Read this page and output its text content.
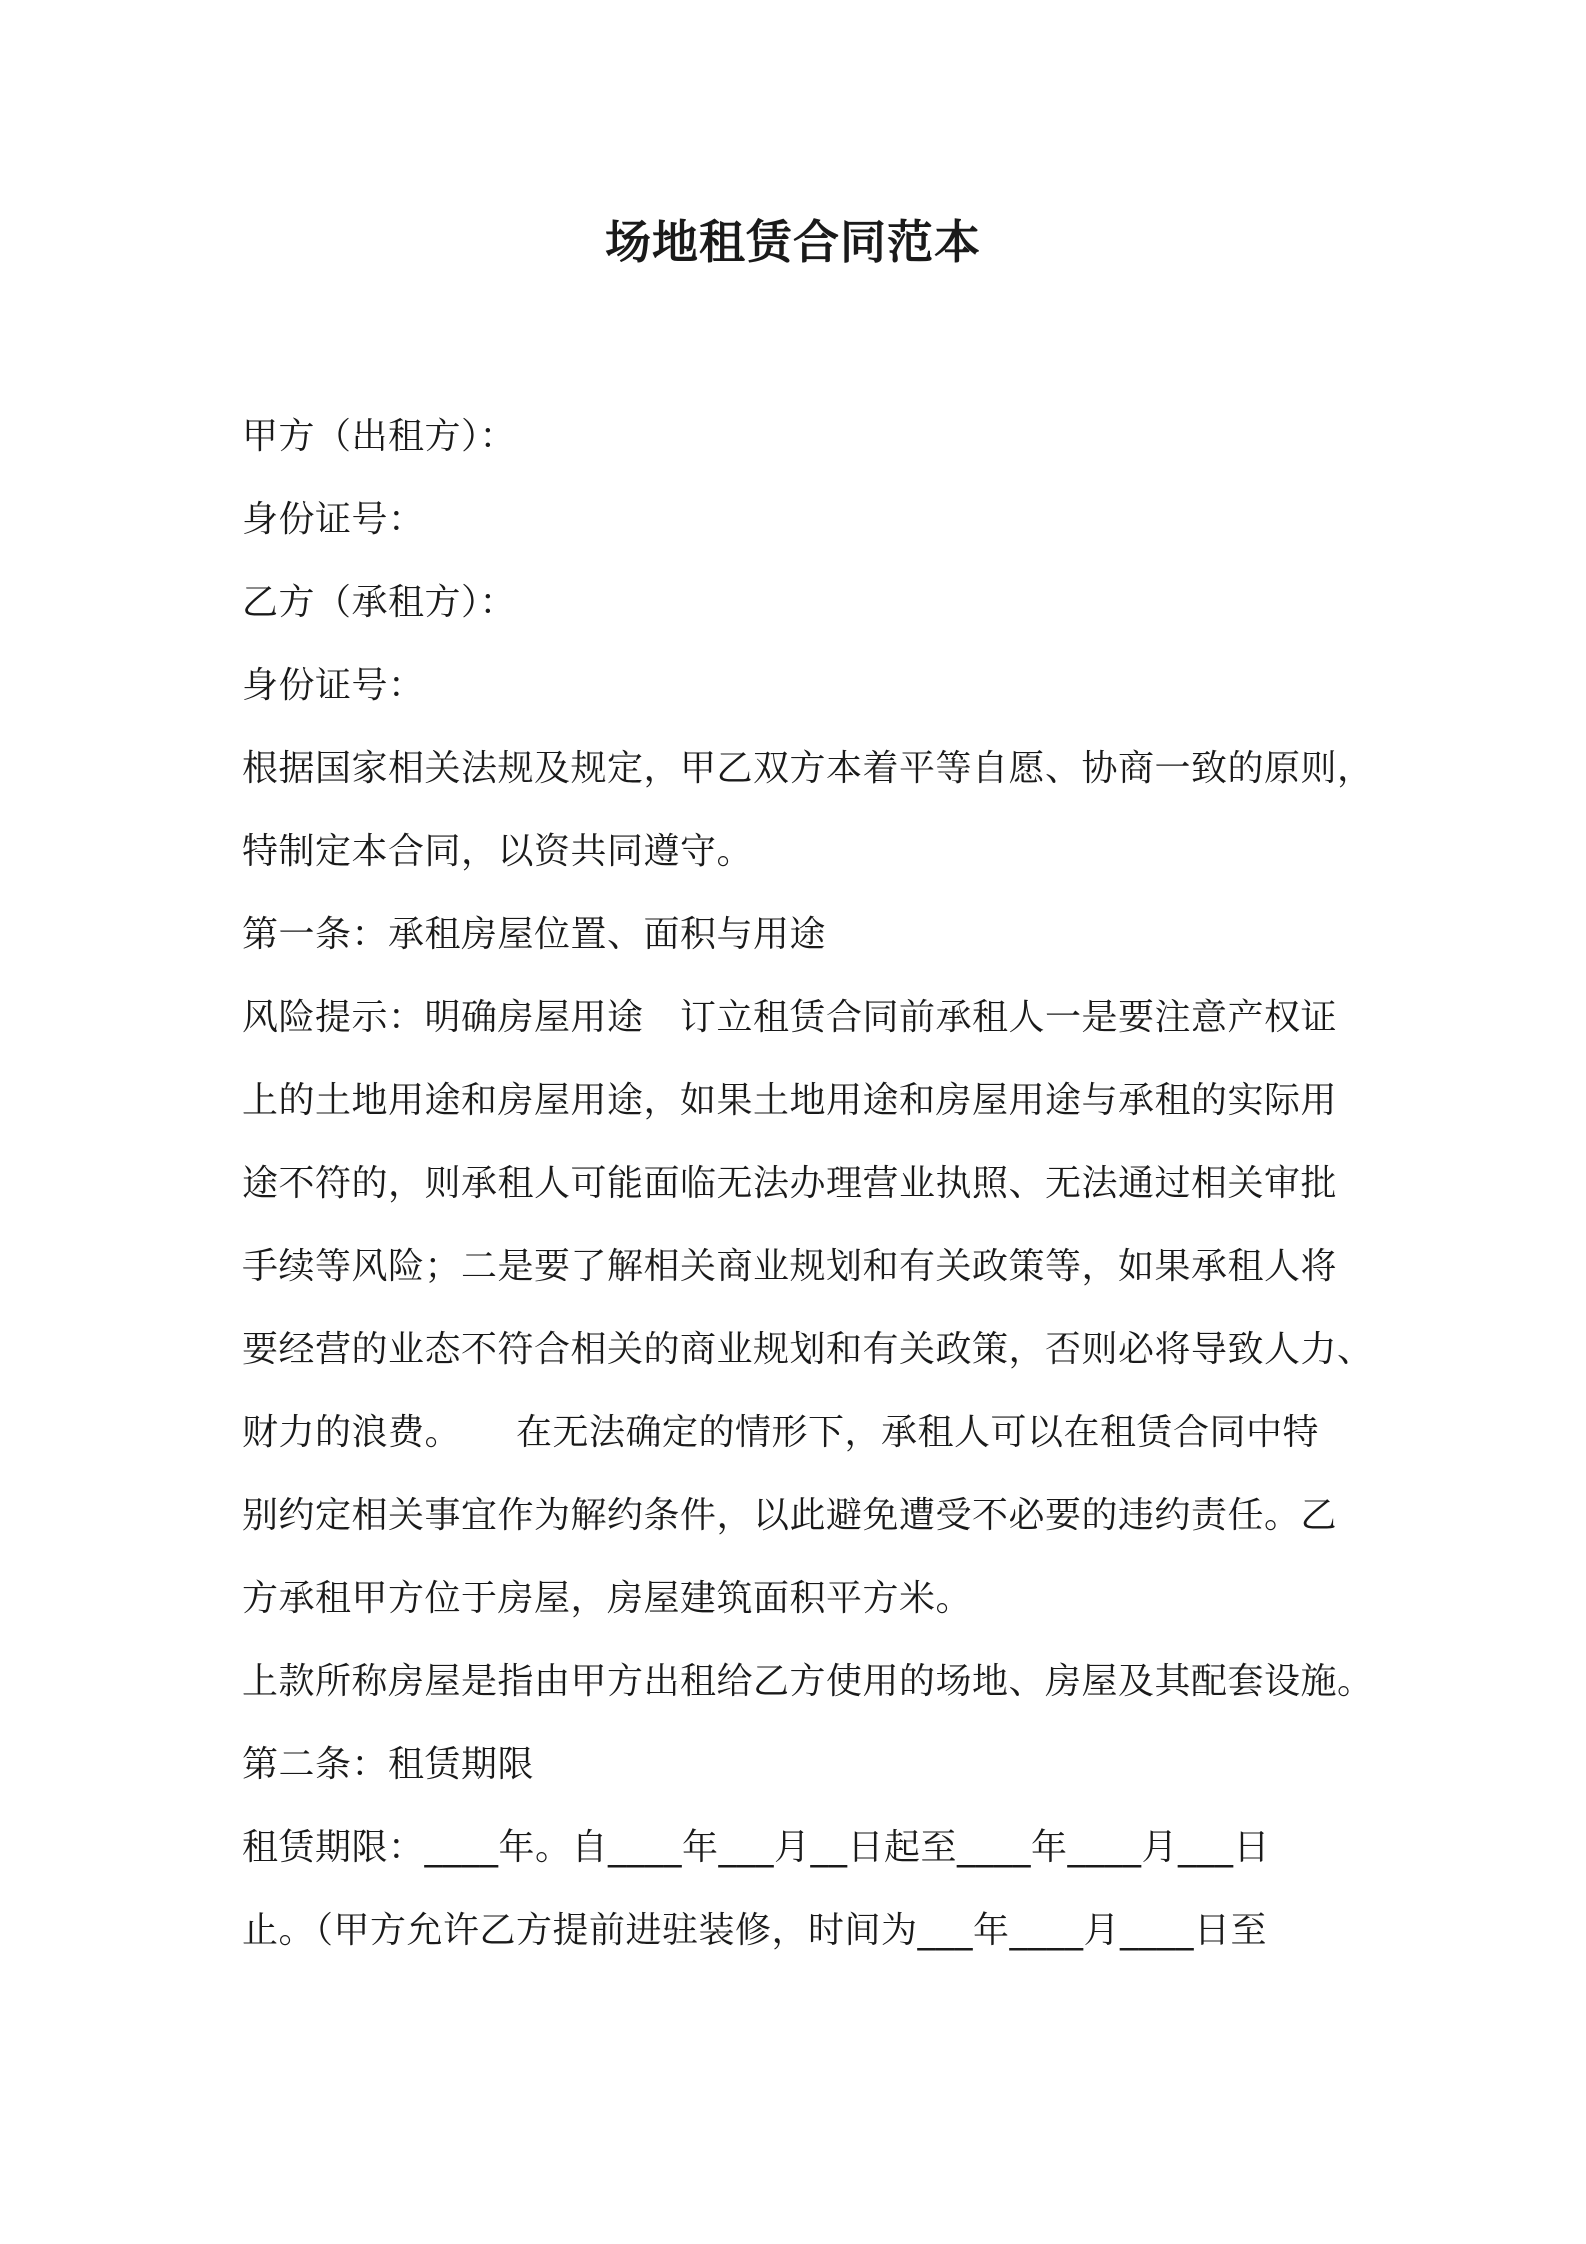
场地租赁合同范本
甲方（出租方）：
身份证号：
乙方（承租方）：
身份证号：
根据国家相关法规及规定，甲乙双方本着平等自愿、协商一致的原则，
特制定本合同，以资共同遵守。
第一条：承租房屋位置、面积与用途
风险提示：明确房屋用途　订立租赁合同前承租人一是要注意产权证
上的土地用途和房屋用途，如果土地用途和房屋用途与承租的实际用
途不符的，则承租人可能面临无法办理营业执照、无法通过相关审批
手续等风险；二是要了解相关商业规划和有关政策等，如果承租人将
要经营的业态不符合相关的商业规划和有关政策，否则必将导致人力、
财力的浪费。　　在无法确定的情形下，承租人可以在租赁合同中特
别约定相关事宜作为解约条件，以此避免遭受不必要的违约责任。乙
方承租甲方位于房屋，房屋建筑面积平方米。
上款所称房屋是指由甲方出租给乙方使用的场地、房屋及其配套设施。
第二条：租赁期限
租赁期限：____年。自____年___月__日起至____年____月___日
止。（甲方允许乙方提前进驻装修，时间为___年____月____日至
